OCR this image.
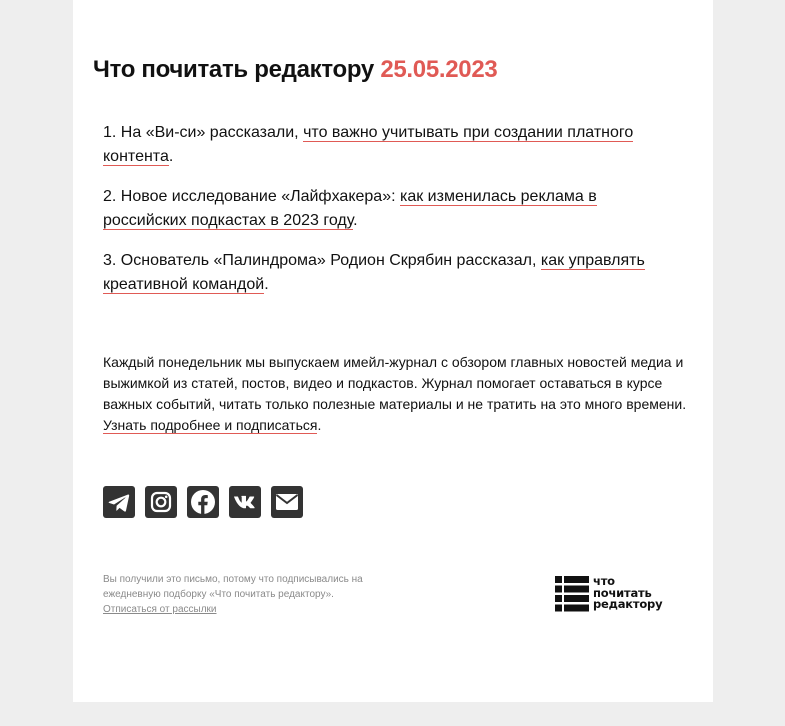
Что почитать редактору 25.05.2023

1. На «Ви-си» рассказали, что важно учитывать при создании платного контента.

2. Новое исследование «Лайфхакера»: как изменилась реклама в российских подкастах в 2023 году.

3. Основатель «Палиндрома» Родион Скрябин рассказал, как управлять креативной командой.

Каждый понедельник мы выпускаем имейл-журнал с обзором главных новостей медиа и выжимкой из статей, постов, видео и подкастов. Журнал помогает оставаться в курсе важных событий, читать только полезные материалы и не тратить на это много времени. Узнать подробнее и подписаться.

Вы получили это письмо, потому что подписывались на ежедневную подборку «Что почитать редактору».

Отписаться от рассылки
что
почитать
редактору
